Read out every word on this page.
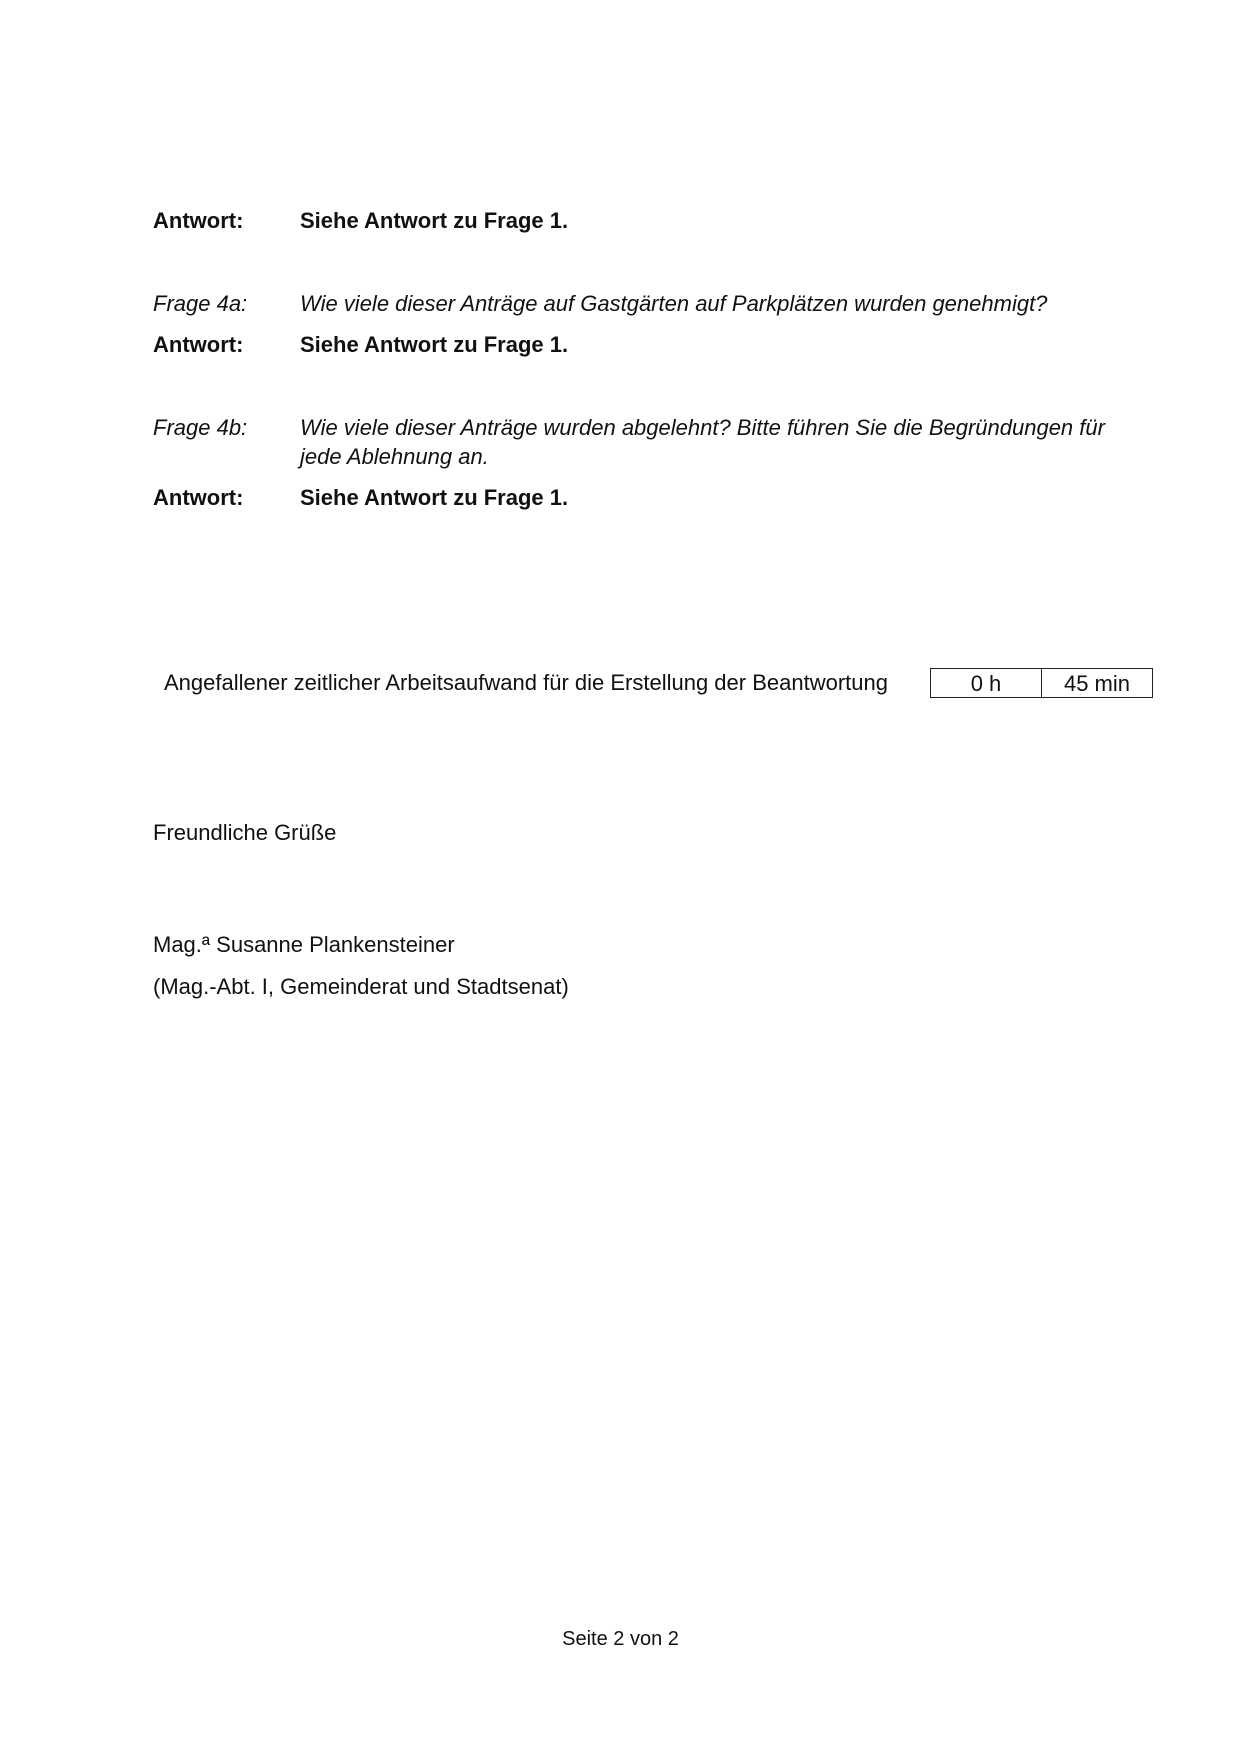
Antwort:	Siehe Antwort zu Frage 1.
Frage 4a:	Wie viele dieser Anträge auf Gastgärten auf Parkplätzen wurden genehmigt?
Antwort:	Siehe Antwort zu Frage 1.
Frage 4b:	Wie viele dieser Anträge wurden abgelehnt? Bitte führen Sie die Begründungen für jede Ablehnung an.
Antwort:	Siehe Antwort zu Frage 1.
Angefallener zeitlicher Arbeitsaufwand für die Erstellung der Beantwortung	0 h	45 min
Freundliche Grüße
Mag.ª Susanne Plankensteiner
(Mag.-Abt. I, Gemeinderat und Stadtsenat)
Seite 2 von 2
